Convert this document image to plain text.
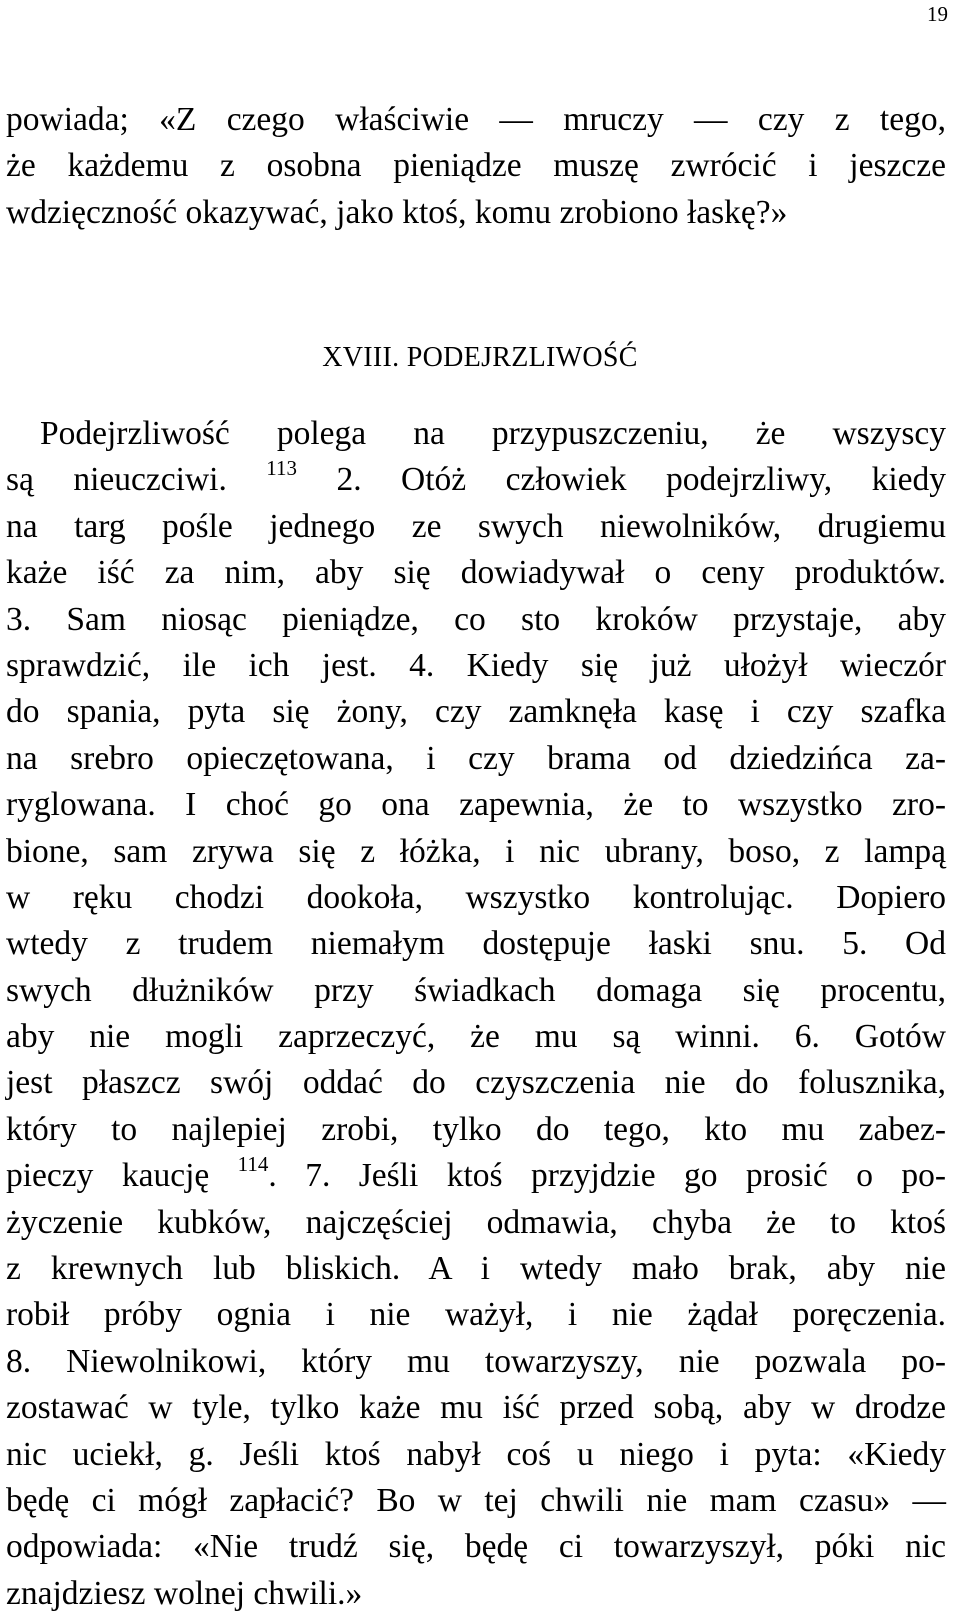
19
powiada; «Z czego właściwie — mruczy — czy z tego,
że każdemu z osobna pieniądze muszę zwrócić i jeszcze
wdzięczność okazywać, jako ktoś, komu zrobiono łaskę?»
XVIII. PODEJRZLIWOŚĆ
Podejrzliwość polega na przypuszczeniu, że wszyscy
są nieuczciwi. $^{113}$ 2. Otóż człowiek podejrzliwy, kiedy
na targ pośle jednego ze swych niewolników, drugiemu
każe iść za nim, aby się dowiadywał o ceny produktów.
3. Sam niosąc pieniądze, co sto kroków przystaje, aby
sprawdzić, ile ich jest. 4. Kiedy się już ułożył wieczór
do spania, pyta się żony, czy zamknęła kasę i czy szafka
na srebro opieczętowana, i czy brama od dziedzińca za-
ryglowana. I choć go ona zapewnia, że to wszystko zro-
bione, sam zrywa się z łóżka, i nic ubrany, boso, z lampą
w ręku chodzi dookoła, wszystko kontrolując. Dopiero
wtedy z trudem niemałym dostępuje łaski snu. 5. Od
swych dłużników przy świadkach domaga się procentu,
aby nie mogli zaprzeczyć, że mu są winni. 6. Gotów
jest płaszcz swój oddać do czyszczenia nie do folusznika,
który to najlepiej zrobi, tylko do tego, kto mu zabez-
pieczy kaucję $^{114}$. 7. Jeśli ktoś przyjdzie go prosić o po-
życzenie kubków, najczęściej odmawia, chyba że to ktoś
z krewnych lub bliskich. A i wtedy mało brak, aby nie
robił próby ognia i nie ważył, i nie żądał poręczenia.
8. Niewolnikowi, który mu towarzyszy, nie pozwala po-
zostawać w tyle, tylko każe mu iść przed sobą, aby w drodze
nic uciekł, g. Jeśli ktoś nabył coś u niego i pyta: «Kiedy
będę ci mógł zapłacić? Bo w tej chwili nie mam czasu» —
odpowiada: «Nie trudź się, będę ci towarzyszył, póki nic
znajdziesz wolnej chwili.»
